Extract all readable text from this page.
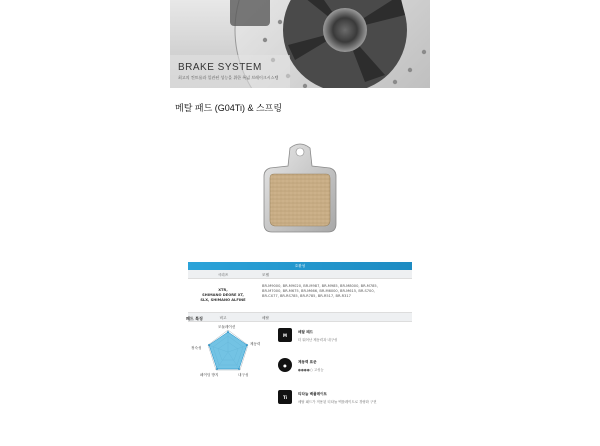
BRAKE SYSTEM
최고의 컨트롤과 일관된 성능을 위한 폭넓 브레이크시스템
메탈 패드 (G04Ti) & 스프링
호환성
시리즈	모델
XTR,
SHIMANO DEORE XT,
SLX, SHIMANO ALFINE
BR-M9000, BR-M9020, BR-M987, BR-M985, BR-M8000, BR-M785,
BR-M7000, BR-M675, BR-M666, BR-M6000, BR-M615, BR-S700,
BR-CX77, BR-RS785, BR-R785, BR-R517, BR-R317
비고	메탈
패드 특징
모듈레이션
제동력
내구성
페이딩 방지
정숙성
M
메탈 패드
더 뛰어난 제동력과 내구성
●
제동력 표준
●●●●○ 고성능
Ti
티타늄 백플레이트
메탈 패드가 적용된 티타늄 백플레이트로 경량화 구현
